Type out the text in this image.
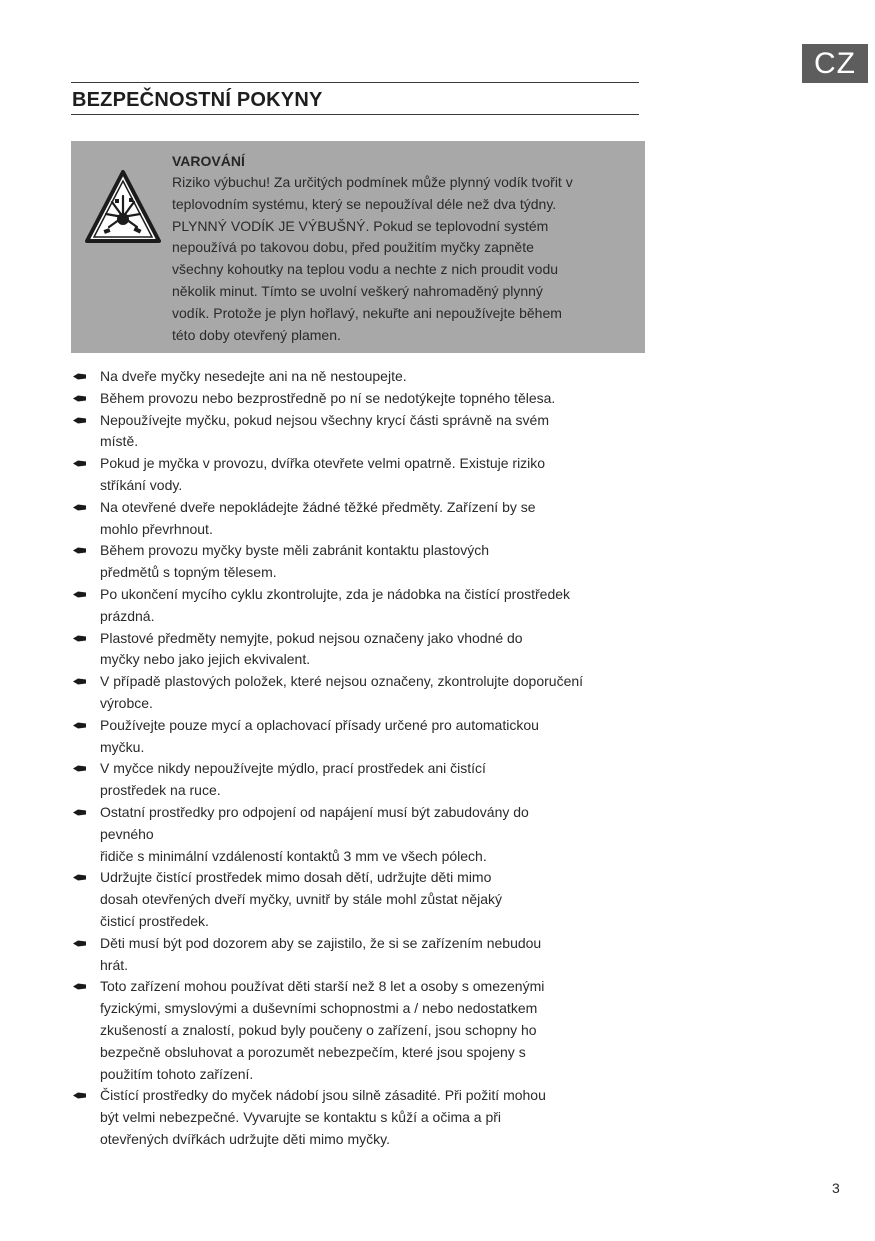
CZ
BEZPEČNOSTNÍ POKYNY
VAROVÁNÍ
Riziko výbuchu! Za určitých podmínek může plynný vodík tvořit v
teplovodním systému, který se nepoužíval déle než dva týdny.
PLYNNÝ VODÍK JE VÝBUŠNÝ. Pokud se teplovodní systém
nepoužívá po takovou dobu, před použitím myčky zapněte
všechny kohoutky na teplou vodu a nechte z nich proudit vodu
několik minut. Tímto se uvolní veškerý nahromaděný plynný
vodík. Protože je plyn hořlavý, nekuřte ani nepoužívejte během
této doby otevřený plamen.
Na dveře myčky nesedejte ani na ně nestoupejte.
Během provozu nebo bezprostředně po ní se nedotýkejte topného tělesa.
Nepoužívejte myčku, pokud nejsou všechny krycí části správně na svém
místě.
Pokud je myčka v provozu, dvířka otevřete velmi opatrně. Existuje riziko
stříkání vody.
Na otevřené dveře nepokládejte žádné těžké předměty. Zařízení by se
mohlo převrhnout.
Během provozu myčky byste měli zabránit kontaktu plastových
předmětů s topným tělesem.
Po ukončení mycího cyklu zkontrolujte, zda je nádobka na čistící prostředek
prázdná.
Plastové předměty nemyjte, pokud nejsou označeny jako vhodné do
myčky nebo jako jejich ekvivalent.
V případě plastových položek, které nejsou označeny, zkontrolujte doporučení
výrobce.
Používejte pouze mycí a oplachovací přísady určené pro automatickou
myčku.
V myčce nikdy nepoužívejte mýdlo, prací prostředek ani čistící
prostředek na ruce.
Ostatní prostředky pro odpojení od napájení musí být zabudovány do
pevného
řidiče s minimální vzdáleností kontaktů 3 mm ve všech pólech.
Udržujte čistící prostředek mimo dosah dětí, udržujte děti mimo
dosah otevřených dveří myčky, uvnitř by stále mohl zůstat nějaký
čisticí prostředek.
Děti musí být pod dozorem aby se zajistilo, že si se zařízením nebudou
hrát.
Toto zařízení mohou používat děti starší než 8 let a osoby s omezenými
fyzickými, smyslovými a duševními schopnostmi a / nebo nedostatkem
zkušeností a znalostí, pokud byly poučeny o zařízení, jsou schopny ho
bezpečně obsluhovat a porozumět nebezpečím, které jsou spojeny s
použitím tohoto zařízení.
Čistící prostředky do myček nádobí jsou silně zásadité. Při požití mohou
být velmi nebezpečné. Vyvarujte se kontaktu s kůží a očima a při
otevřených dvířkách udržujte děti mimo myčky.
3
